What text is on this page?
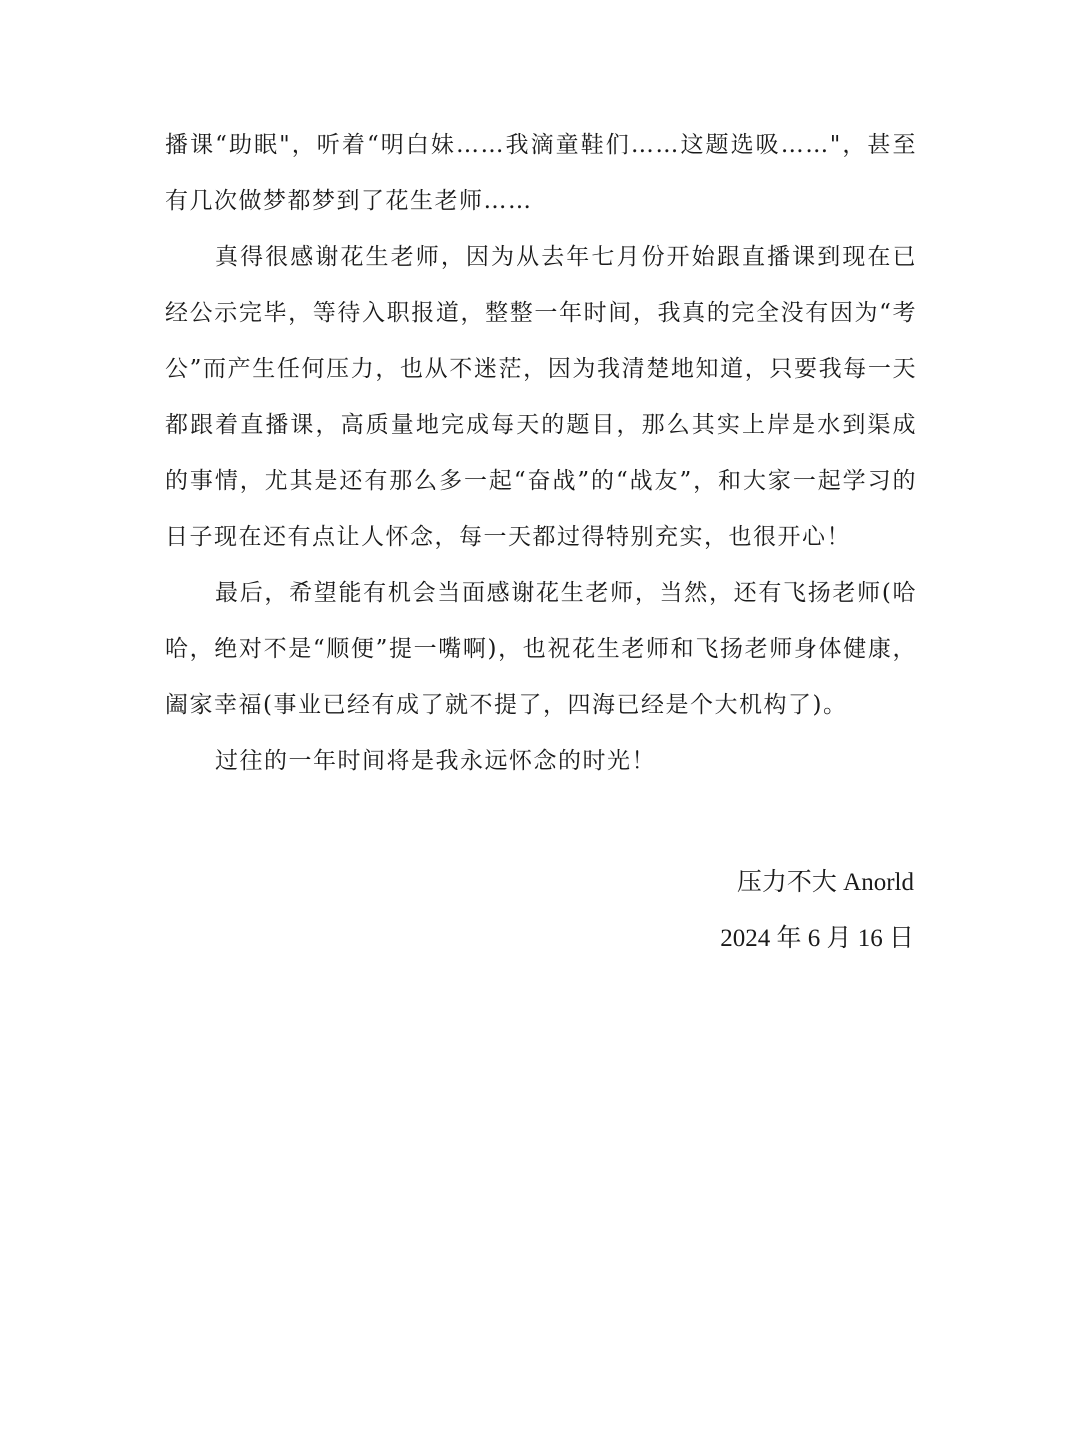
播课“助眠"，听着“明白妹……我滴童鞋们……这题选吸……"，甚至有几次做梦都梦到了花生老师……

真得很感谢花生老师，因为从去年七月份开始跟直播课到现在已经公示完毕，等待入职报道，整整一年时间，我真的完全没有因为“考公”而产生任何压力，也从不迷茫，因为我清楚地知道，只要我每一天都跟着直播课，高质量地完成每天的题目，那么其实上岸是水到渠成的事情，尤其是还有那么多一起“奋战”的“战友”，和大家一起学习的日子现在还有点让人怀念，每一天都过得特别充实，也很开心！

最后，希望能有机会当面感谢花生老师，当然，还有飞扬老师(哈哈，绝对不是“顺便”提一嘴啊)，也祝花生老师和飞扬老师身体健康，阖家幸福(事业已经有成了就不提了，四海已经是个大机构了)。

过往的一年时间将是我永远怀念的时光！

压力不大 Anorld
2024 年 6 月 16 日
